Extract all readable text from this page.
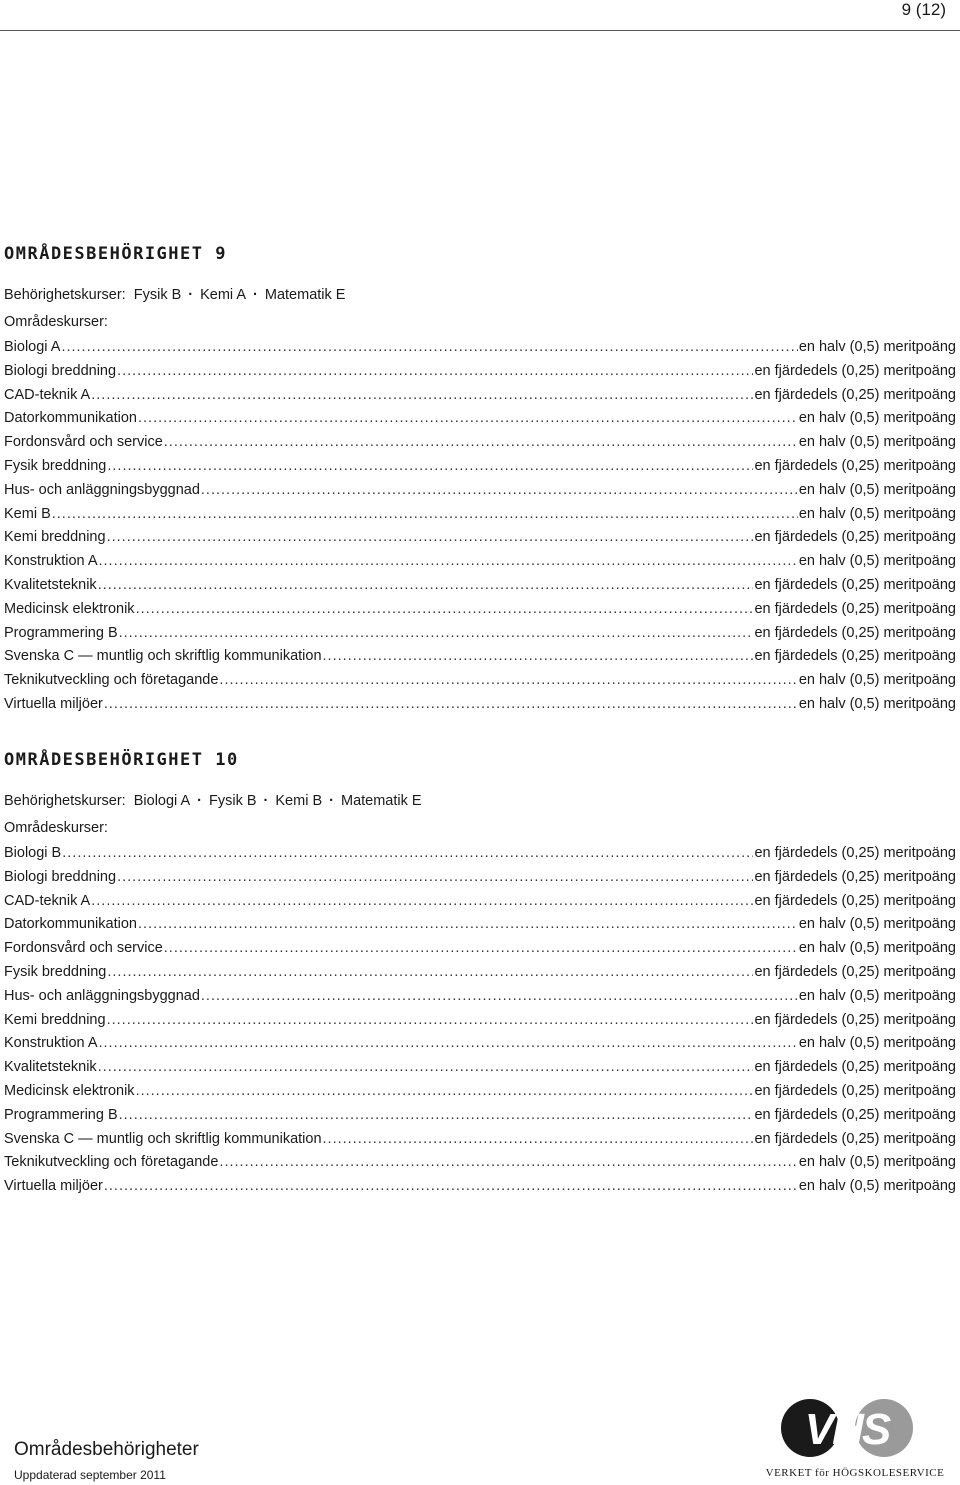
9 (12)
OMRÅDESBEHÖRIGHET 9
Behörighetskurser: Fysik B · Kemi A · Matematik E
Områdeskurser:
Biologi A .....	en halv (0,5) meritpoäng
Biologi breddning .....	en fjärdedels (0,25) meritpoäng
CAD-teknik A .....	en fjärdedels (0,25) meritpoäng
Datorkommunikation .....	en halv (0,5) meritpoäng
Fordonsvård och service .....	en halv (0,5) meritpoäng
Fysik breddning .....	en fjärdedels (0,25) meritpoäng
Hus- och anläggningsbyggnad .....	en halv (0,5) meritpoäng
Kemi B .....	en halv (0,5) meritpoäng
Kemi breddning .....	en fjärdedels (0,25) meritpoäng
Konstruktion A .....	en halv (0,5) meritpoäng
Kvalitetsteknik .....	en fjärdedels (0,25) meritpoäng
Medicinsk elektronik .....	en fjärdedels (0,25) meritpoäng
Programmering B .....	en fjärdedels (0,25) meritpoäng
Svenska C — muntlig och skriftlig kommunikation .....	en fjärdedels (0,25) meritpoäng
Teknikutveckling och företagande .....	en halv (0,5) meritpoäng
Virtuella miljöer .....	en halv (0,5) meritpoäng
OMRÅDESBEHÖRIGHET 10
Behörighetskurser: Biologi A · Fysik B · Kemi B · Matematik E
Områdeskurser:
Biologi B .....	en fjärdedels (0,25) meritpoäng
Biologi breddning .....	en fjärdedels (0,25) meritpoäng
CAD-teknik A .....	en fjärdedels (0,25) meritpoäng
Datorkommunikation .....	en halv (0,5) meritpoäng
Fordonsvård och service .....	en halv (0,5) meritpoäng
Fysik breddning .....	en fjärdedels (0,25) meritpoäng
Hus- och anläggningsbyggnad .....	en halv (0,5) meritpoäng
Kemi breddning .....	en fjärdedels (0,25) meritpoäng
Konstruktion A .....	en halv (0,5) meritpoäng
Kvalitetsteknik .....	en fjärdedels (0,25) meritpoäng
Medicinsk elektronik .....	en fjärdedels (0,25) meritpoäng
Programmering B .....	en fjärdedels (0,25) meritpoäng
Svenska C — muntlig och skriftlig kommunikation .....	en fjärdedels (0,25) meritpoäng
Teknikutveckling och företagande .....	en halv (0,5) meritpoäng
Virtuella miljöer .....	en halv (0,5) meritpoäng
Områdesbehörigheter
Uppdaterad september 2011
VHS
VERKET för HÖGSKOLESERVICE
